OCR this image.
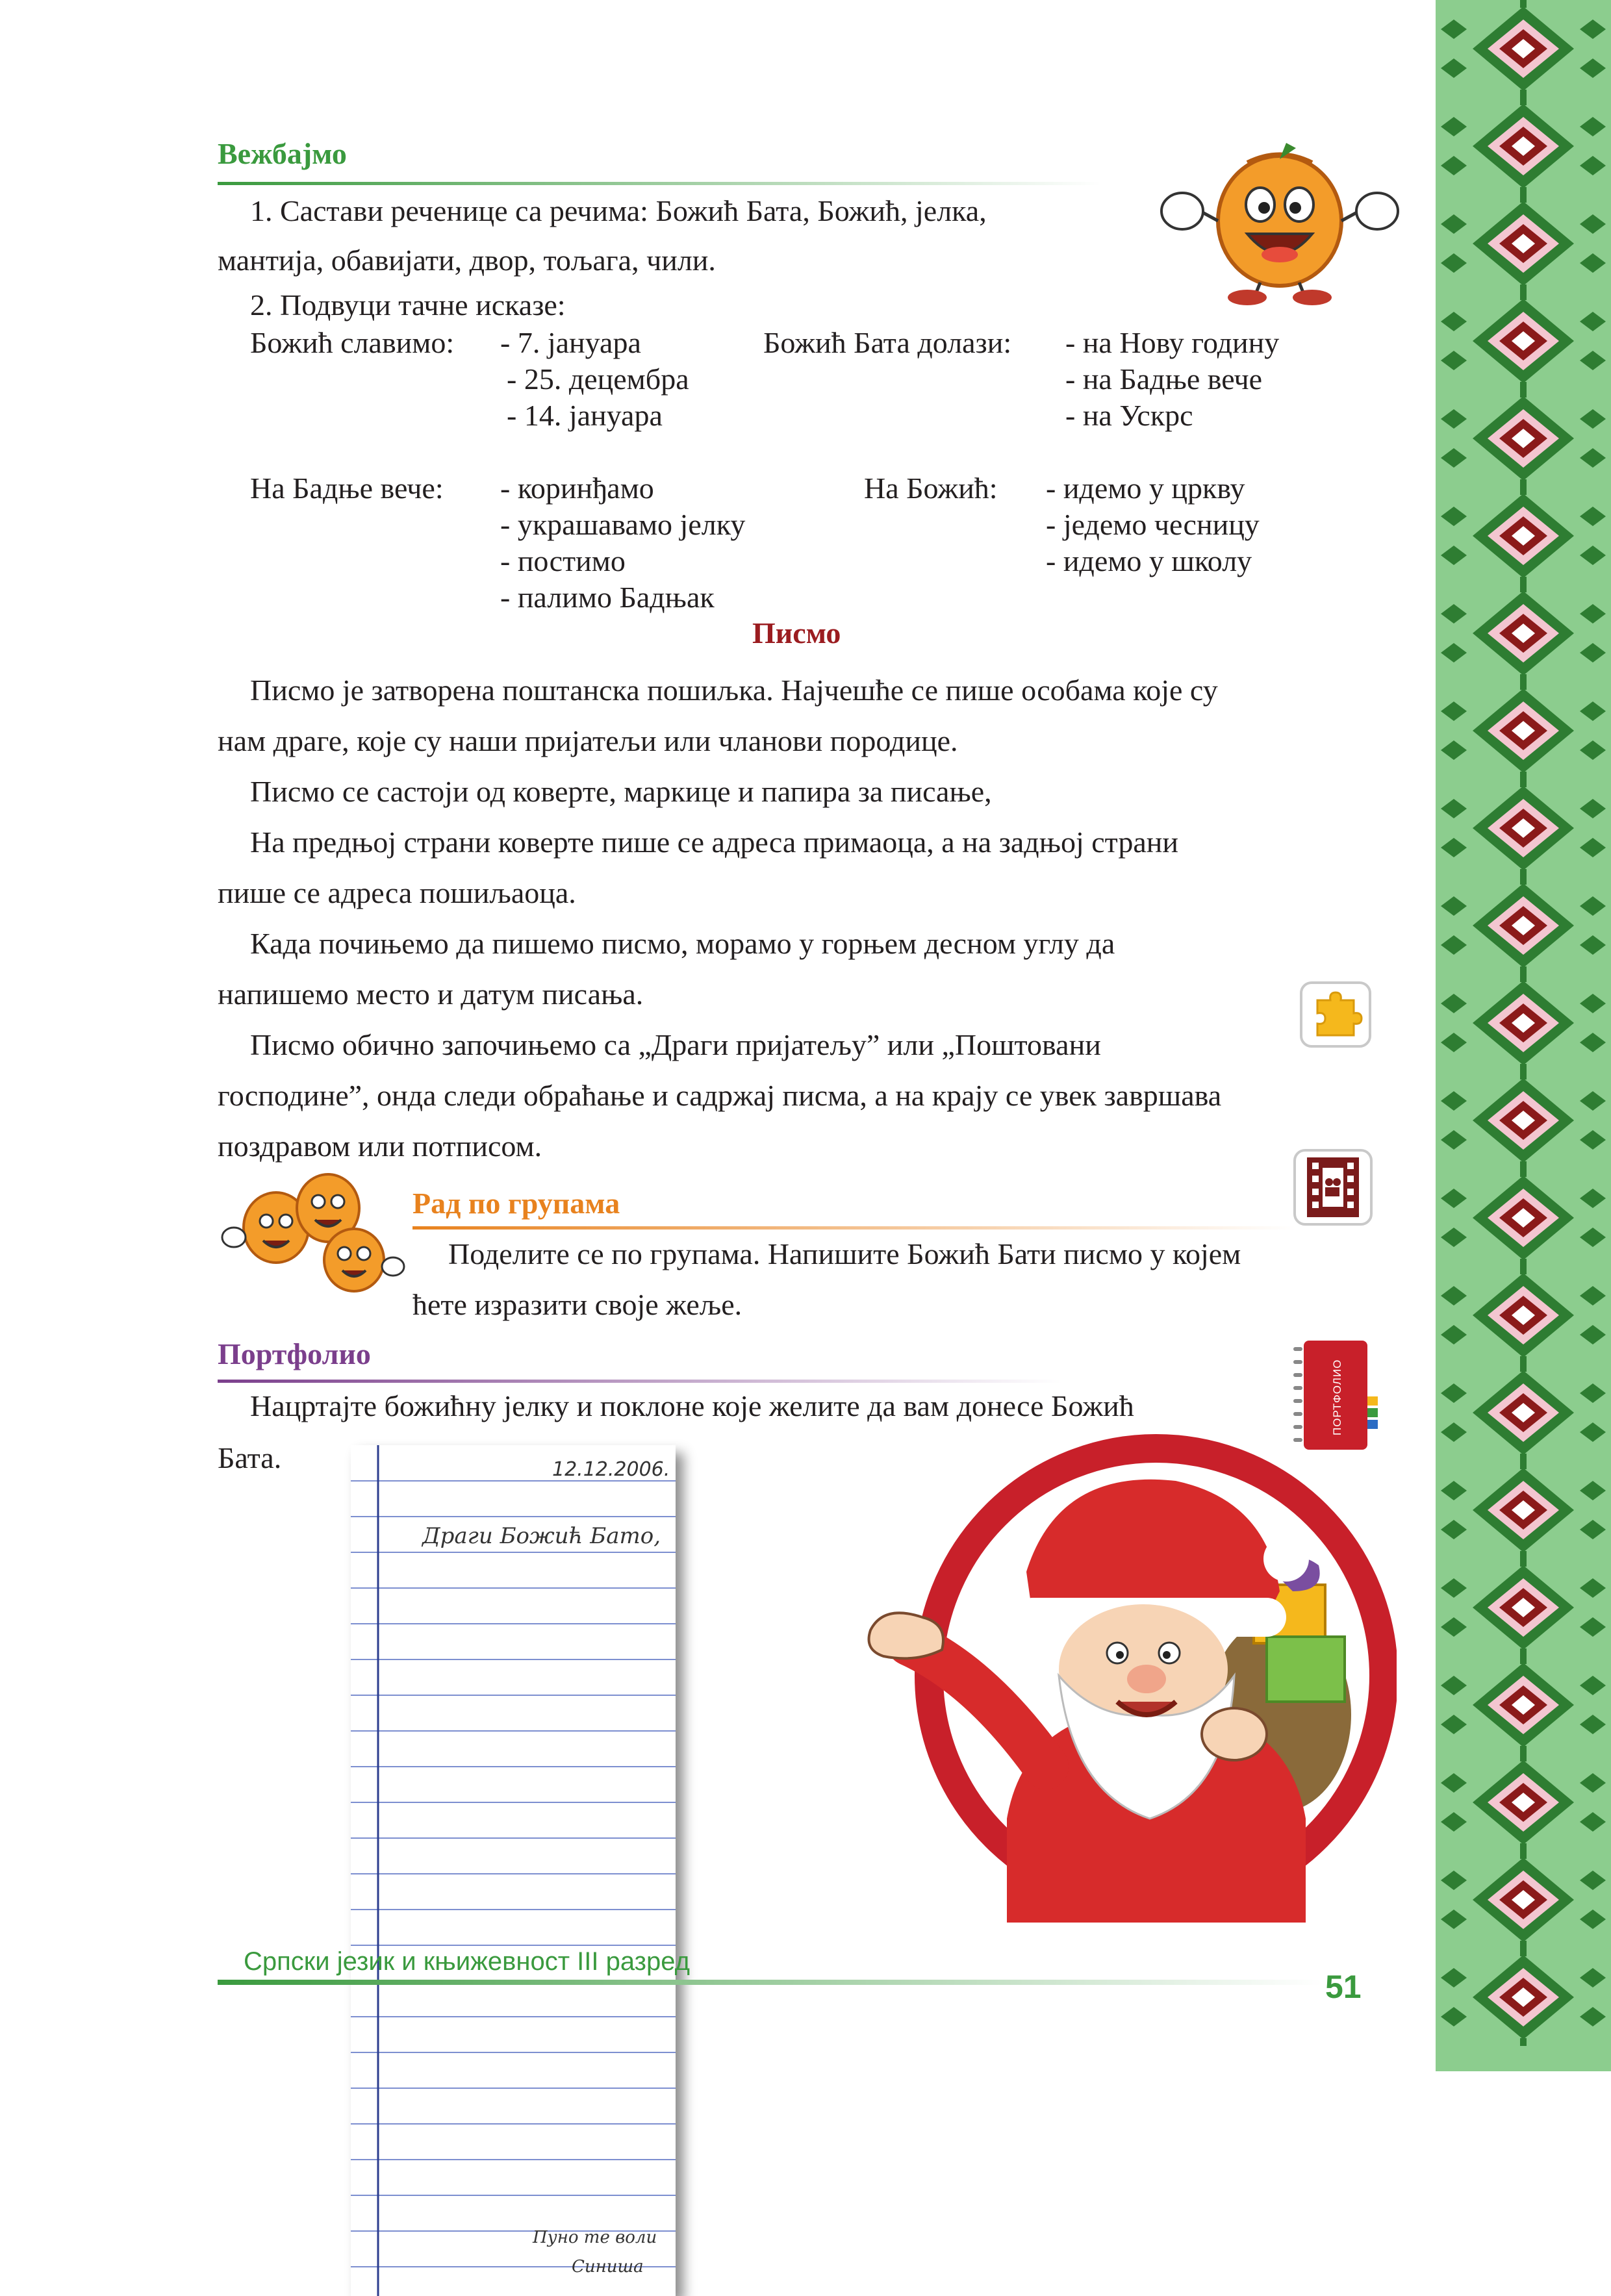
Вежбајмо
1. Састави реченице са речима: Божић Бата, Божић, јелка,
мантија, обавијати, двор, тољага, чили.
2. Подвуци тачне исказе:
Божић славимо: - 7. јануара
- 25. децембра
- 14. јануара
Божић Бата долази: - на Нову годину
- на Бадње вече
- на Ускрс
На Бадње вече: - коринђамо
- украшавамо јелку
- постимо
- палимо Бадњак
На Божић: - идемо у цркву
- једемо чесницу
- идемо у школу
Писмо
Писмо је затворена поштанска пошиљка. Најчешће се пише особама које су
нам драге, које су наши пријатељи или чланови породице.
Писмо се састоји од коверте, маркице и папира за писање,
На предњој страни коверте пише се адреса примаоца, а на задњој страни
пише се адреса пошиљаоца.
Када почињемо да пишемо писмо, морамо у горњем десном углу да
напишемо место и датум писања.
Писмо обично започињемо са „Драги пријатељу” или „Поштовани
господине”, онда следи обраћање и садржај писма, а на крају се увек завршава
поздравом или потписом.
Рад по групама
Поделите се по групама. Напишите Божић Бати писмо у којем
ћете изразити своје жеље.
Портфолио
Нацртајте божићну јелку и поклоне које желите да вам донесе Божић
Бата.
ПОРТФОЛИО
12.12.2006.
Драги Божић Бато,
Пуно те воли
Синиша
Српски језик и књижевност III разред
51
